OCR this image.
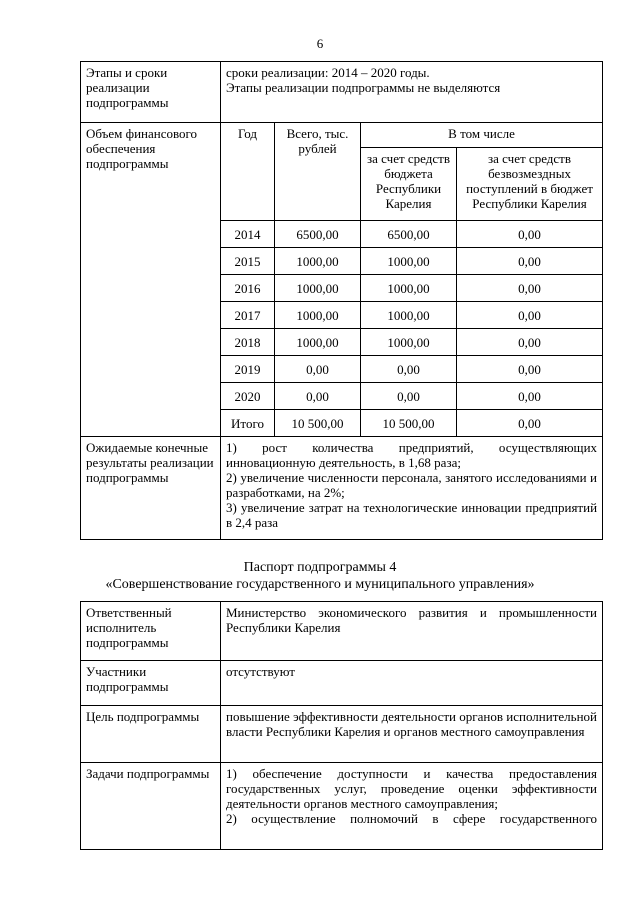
6
Этапы и сроки реализации подпрограммы	сроки реализации: 2014 – 2020 годы.
Этапы реализации подпрограммы не выделяются			

Объем финансового обеспечения подпрограммы	Год	Всего, тыс. рублей	В том числе	
			за счет средств бюджета Республики Карелия	за счет средств безвозмездных поступлений в бюджет Республики Карелия
	2014	6500,00	6500,00	0,00
	2015	1000,00	1000,00	0,00
	2016	1000,00	1000,00	0,00
	2017	1000,00	1000,00	0,00
	2018	1000,00	1000,00	0,00
	2019	0,00	0,00	0,00
	2020	0,00	0,00	0,00
	Итого	10 500,00	10 500,00	0,00
Ожидаемые конечные результаты реализации подпрограммы	1) рост количества предприятий, осуществляющих инновационную деятельность, в 1,68 раза;
2) увеличение численности персонала, занятого исследованиями и разработками, на 2%;
3) увеличение затрат на технологические инновации предприятий в 2,4 раза			
Паспорт подпрограммы 4
«Совершенствование государственного и муниципального управления»
Ответственный исполнитель подпрограммы	Министерство экономического развития и промышленности Республики Карелия
Участники подпрограммы	отсутствуют
Цель подпрограммы	повышение эффективности деятельности органов исполнительной власти Республики Карелия и органов местного самоуправления
Задачи подпрограммы	1) обеспечение доступности и качества предоставления государственных услуг, проведение оценки эффективности деятельности органов местного самоуправления;
2) осуществление полномочий в сфере государственного
